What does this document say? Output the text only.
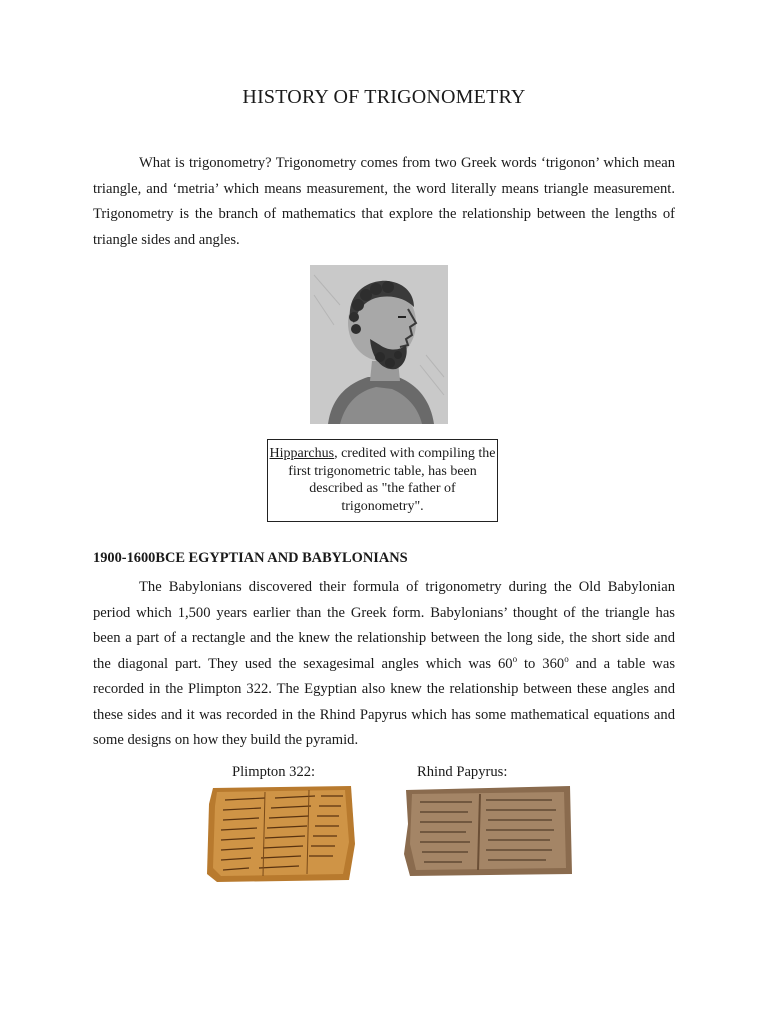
HISTORY OF TRIGONOMETRY

What is trigonometry? Trigonometry comes from two Greek words ‘trigonon’ which mean triangle, and ‘metria’ which means measurement, the word literally means triangle measurement. Trigonometry is the branch of mathematics that explore the relationship between the lengths of triangle sides and angles.

Hipparchus, credited with compiling the first trigonometric table, has been described as "the father of trigonometry".
1900-1600BCE EGYPTIAN AND BABYLONIANS

The Babylonians discovered their formula of trigonometry during the Old Babylonian period which 1,500 years earlier than the Greek form. Babylonians’ thought of the triangle has been a part of a rectangle and the knew the relationship between the long side, the short side and the diagonal part. They used the sexagesimal angles which was 60$^o$ to 360$^o$ and a table was recorded in the Plimpton 322. The Egyptian also knew the relationship between these angles and these sides and it was recorded in the Rhind Papyrus which has some mathematical equations and some designs on how they build the pyramid.

Plimpton 322:	Rhind Papyrus:
